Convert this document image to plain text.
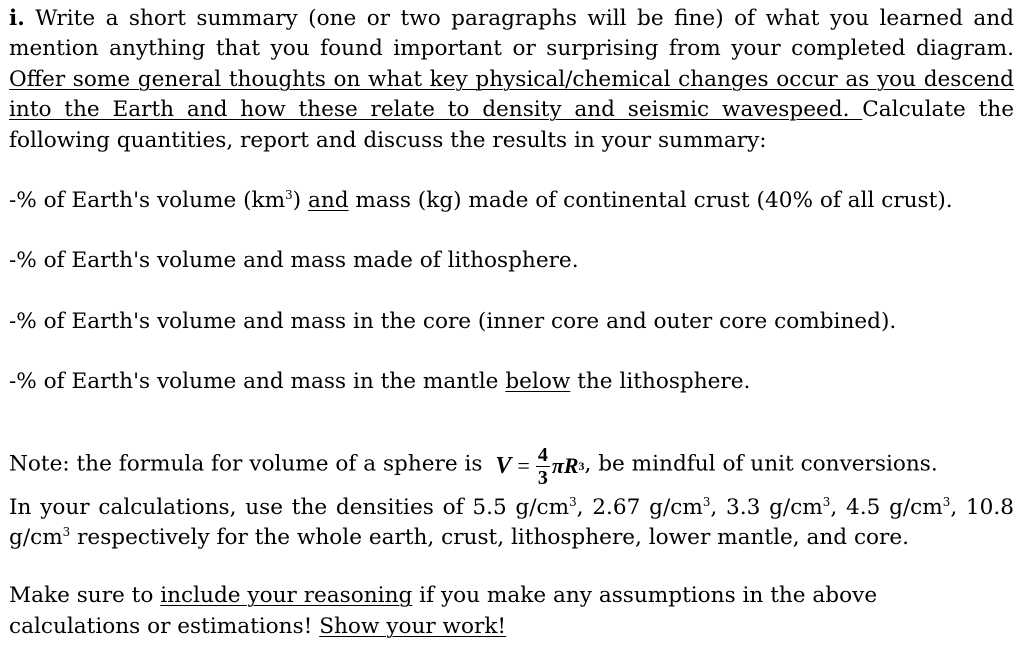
i. Write a short summary (one or two paragraphs will be fine) of what you learned and mention anything that you found important or surprising from your completed diagram. Offer some general thoughts on what key physical/chemical changes occur as you descend into the Earth and how these relate to density and seismic wavespeed. Calculate the following quantities, report and discuss the results in your summary:

-% of Earth's volume $(km^3)$ and mass (kg) made of continental crust (40% of all crust).

-% of Earth's volume and mass made of lithosphere.

-% of Earth's volume and mass in the core (inner core and outer core combined).

-% of Earth's volume and mass in the mantle below the lithosphere.

Note: the formula for volume of a sphere is $V = \frac{4}{3}$ π R 3 , be mindful of unit conversions.

In your calculations, use the densities of 5.5 $g/cm^3$, 2.67 $g/cm^3$, 3.3 $g/cm^3$, 4.5 $g/cm^3$, 10.8 $g/cm^3$ respectively for the whole earth, crust, lithosphere, lower mantle, and core.

Make sure to include your reasoning if you make any assumptions in the above calculations or estimations! Show your work!
